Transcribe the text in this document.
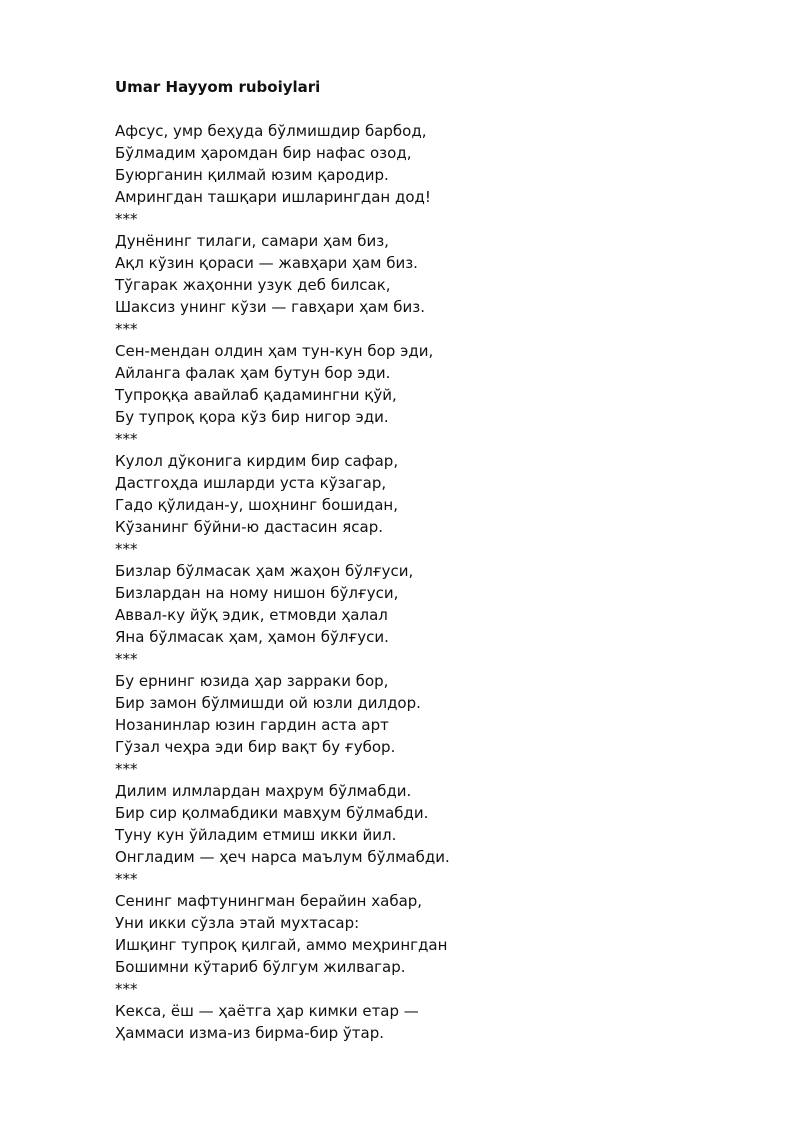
Umar Hayyom ruboiylari
Афсус, умр беҳуда бўлмишдир барбод,
Бўлмадим ҳаромдан бир нафас озод,
Буюрганин қилмай юзим қародир.
Амрингдан ташқари ишларингдан дод!
***
Дунёнинг тилаги, самари ҳам биз,
Ақл кўзин қораси — жавҳари ҳам биз.
Тўгарак жаҳонни узук деб билсак,
Шаксиз унинг кўзи — гавҳари ҳам биз.
***
Сен-мендан олдин ҳам тун-кун бор эди,
Айланга фалак ҳам бутун бор эди.
Тупроққа авайлаб қадамингни қўй,
Бу тупроқ қора кўз бир нигор эди.
***
Кулол дўконига кирдим бир сафар,
Дастгоҳда ишларди уста кўзагар,
Гадо қўлидан-у, шоҳнинг бошидан,
Кўзанинг бўйни-ю дастасин ясар.
***
Бизлар бўлмасак ҳам жаҳон бўлғуси,
Бизлардан на ному нишон бўлғуси,
Аввал-ку йўқ эдик, етмовди ҳалал
Яна бўлмасак ҳам, ҳамон бўлғуси.
***
Бу ернинг юзида ҳар зарраки бор,
Бир замон бўлмишди ой юзли дилдор.
Нозанинлар юзин гардин аста арт
Гўзал чеҳра эди бир вақт бу ғубор.
***
Дилим илмлардан маҳрум бўлмабди.
Бир сир қолмабдики мавҳум бўлмабди.
Туну кун ўйладим етмиш икки йил.
Онгладим — ҳеч нарса маълум бўлмабди.
***
Сенинг мафтунингман берайин хабар,
Уни икки сўзла этай мухтасар:
Ишқинг тупроқ қилгай, аммо меҳрингдан
Бошимни кўтариб бўлгум жилвагар.
***
Кекса, ёш — ҳаётга ҳар кимки етар —
Ҳаммаси изма-из бирма-бир ўтар.
